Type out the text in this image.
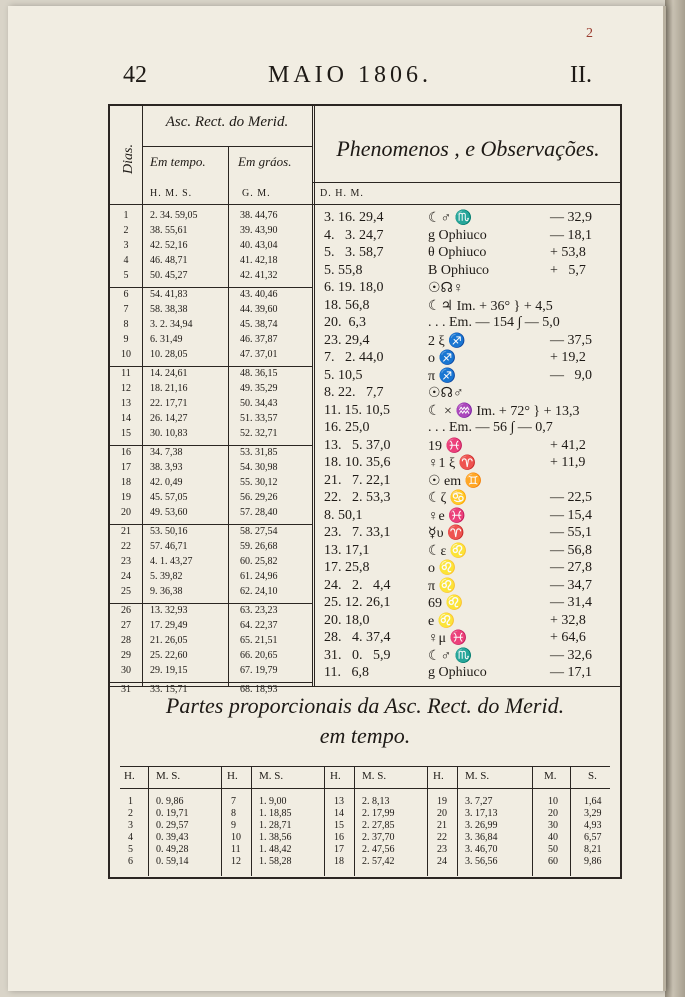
2
42	MAIO 1806.	II.
Dias.
Asc. Rect. do Merid.
Em tempo. Em gráos.
H. M. S.	G. M.
Phenomenos , e Observações.
D. H. M.
1	2. 34. 59,05	38. 44,76
2	38. 55,61	39. 43,90
3	42. 52,16	40. 43,04
4	46. 48,71	41. 42,18
5	50. 45,27	42. 41,32
6	54. 41,83	43. 40,46
7	58. 38,38	44. 39,60
8	3. 2. 34,94	45. 38,74
9	6. 31,49	46. 37,87
10	10. 28,05	47. 37,01
11	14. 24,61	48. 36,15
12	18. 21,16	49. 35,29
13	22. 17,71	50. 34,43
14	26. 14,27	51. 33,57
15	30. 10,83	52. 32,71
16	34. 7,38	53. 31,85
17	38. 3,93	54. 30,98
18	42. 0,49	55. 30,12
19	45. 57,05	56. 29,26
20	49. 53,60	57. 28,40
21	53. 50,16	58. 27,54
22	57. 46,71	59. 26,68
23	4. 1. 43,27	60. 25,82
24	5. 39,82	61. 24,96
25	9. 36,38	62. 24,10
26	13. 32,93	63. 23,23
27	17. 29,49	64. 22,37
28	21. 26,05	65. 21,51
29	25. 22,60	66. 20,65
30	29. 19,15	67. 19,79
31	33. 15,71	68. 18,93
3. 16. 29,4	☾♂ ♏	— 32,9
4.   3. 24,7	g Ophiuco	— 18,1
5.   3. 58,7	θ Ophiuco	+ 53,8
5. 55,8	B Ophiuco	+   5,7
6. 19. 18,0	☉☊♀
18. 56,8	☾♃ Im. + 36° } + 4,5
20.  6,3	. . . Em. — 154 ∫ — 5,0
23. 29,4	2 ξ ♐	— 37,5
7.   2. 44,0	ο ♐	+ 19,2
5. 10,5	π ♐	—   9,0
8. 22.   7,7	☉☊♂
11. 15. 10,5	☾ × ♒ Im. + 72° } + 13,3
16. 25,0	. . . Em. — 56 ∫ — 0,7
13.   5. 37,0	19 ♓	+ 41,2
18. 10. 35,6	♀1 ξ ♈	+ 11,9
21.   7. 22,1	☉ em ♊
22.   2. 53,3	☾ζ ♋	— 22,5
8. 50,1	♀e ♓	— 15,4
23.   7. 33,1	☿υ ♈	— 55,1
13. 17,1	☾ε ♌	— 56,8
17. 25,8	ο ♌	— 27,8
24.   2.   4,4	π ♌	— 34,7
25. 12. 26,1	69 ♌	— 31,4
20. 18,0	e ♌	+ 32,8
28.   4. 37,4	♀μ ♓	+ 64,6
31.   0.   5,9	☾♂ ♏	— 32,6
11.   6,8	g Ophiuco	— 17,1
Partes proporcionais da Asc. Rect. do Merid.
em tempo.
H. M. S.
1 0. 9,86
2 0. 19,71
3 0. 29,57
4 0. 39,43
5 0. 49,28
6 0. 59,14
H. M. S.
7 1. 9,00
8 1. 18,85
9 1. 28,71
10 1. 38,56
11 1. 48,42
12 1. 58,28
H. M. S.
13 2. 8,13
14 2. 17,99
15 2. 27,85
16 2. 37,70
17 2. 47,56
18 2. 57,42
H. M. S.
19 3. 7,27
20 3. 17,13
21 3. 26,99
22 3. 36,84
23 3. 46,70
24 3. 56,56
M.	S.
10	1,64
20	3,29
30	4,93
40	6,57
50	8,21
60	9,86
